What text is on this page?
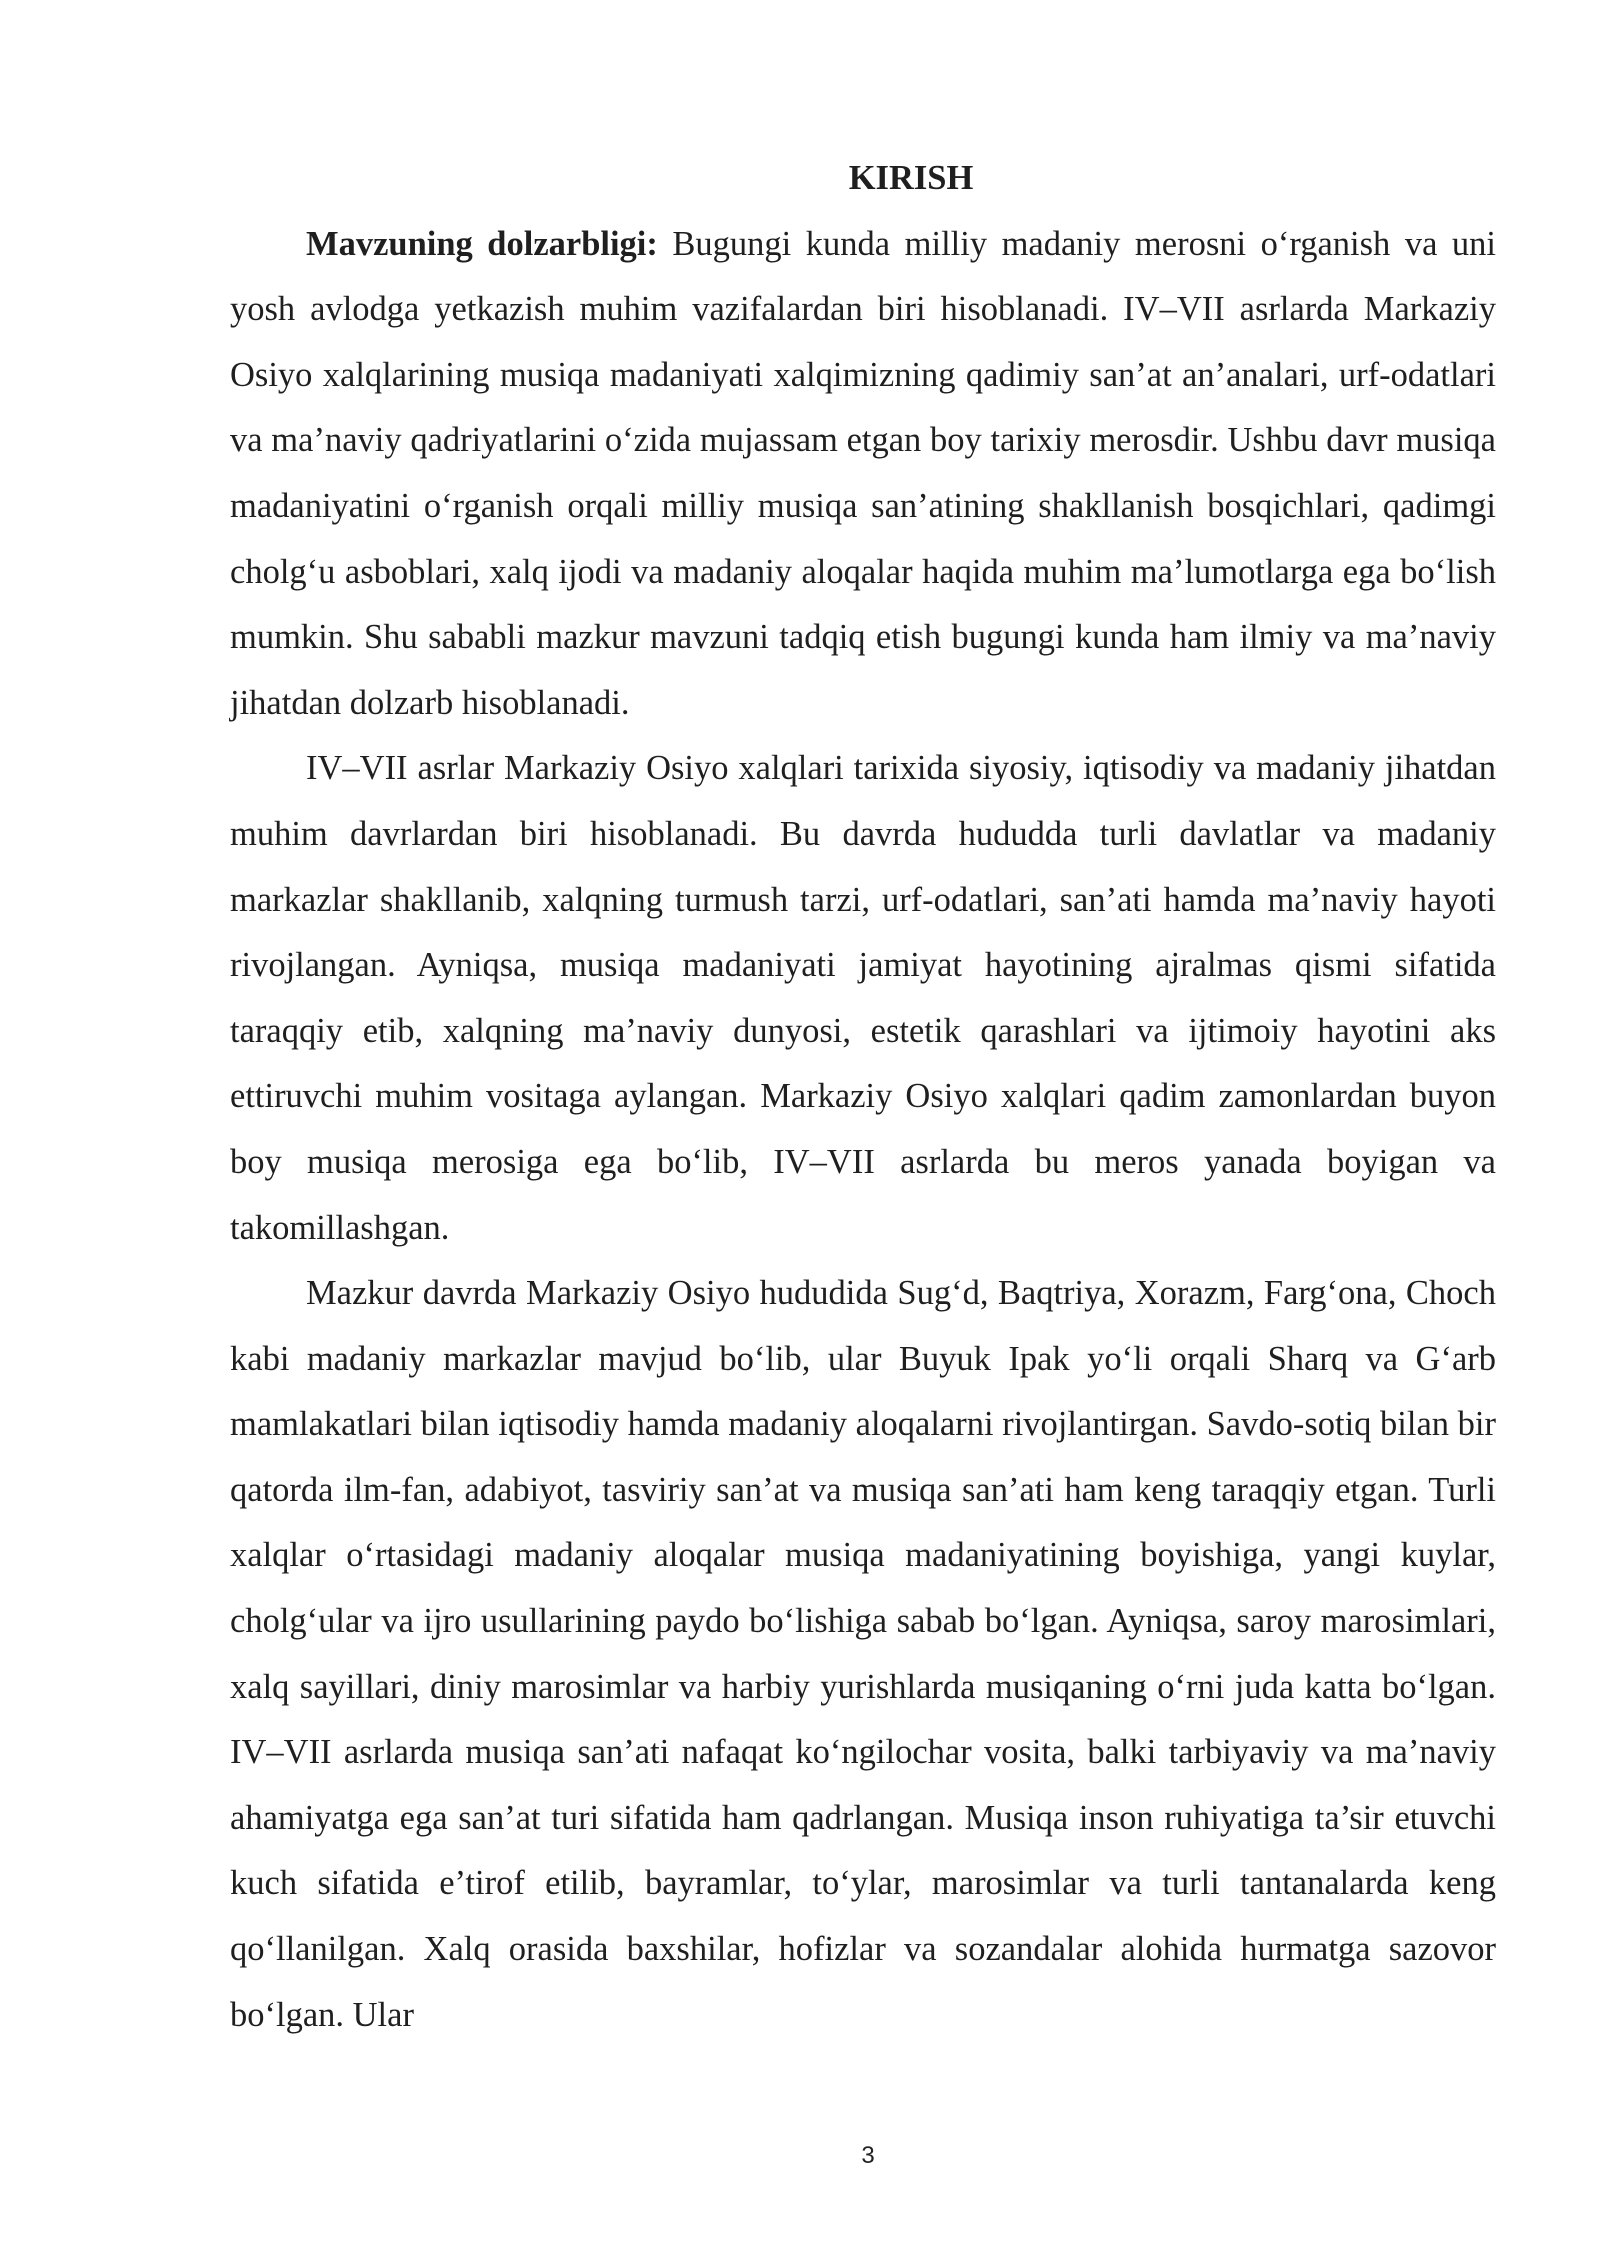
KIRISH

Mavzuning dolzarbligi: Bugungi kunda milliy madaniy merosni o‘rganish va uni yosh avlodga yetkazish muhim vazifalardan biri hisoblanadi. IV–VII asrlarda Markaziy Osiyo xalqlarining musiqa madaniyati xalqimizning qadimiy san’at an’analari, urf-odatlari va ma’naviy qadriyatlarini o‘zida mujassam etgan boy tarixiy merosdir. Ushbu davr musiqa madaniyatini o‘rganish orqali milliy musiqa san’atining shakllanish bosqichlari, qadimgi cholg‘u asboblari, xalq ijodi va madaniy aloqalar haqida muhim ma’lumotlarga ega bo‘lish mumkin. Shu sababli mazkur mavzuni tadqiq etish bugungi kunda ham ilmiy va ma’naviy jihatdan dolzarb hisoblanadi.

IV–VII asrlar Markaziy Osiyo xalqlari tarixida siyosiy, iqtisodiy va madaniy jihatdan muhim davrlardan biri hisoblanadi. Bu davrda hududda turli davlatlar va madaniy markazlar shakllanib, xalqning turmush tarzi, urf-odatlari, san’ati hamda ma’naviy hayoti rivojlangan. Ayniqsa, musiqa madaniyati jamiyat hayotining ajralmas qismi sifatida taraqqiy etib, xalqning ma’naviy dunyosi, estetik qarashlari va ijtimoiy hayotini aks ettiruvchi muhim vositaga aylangan. Markaziy Osiyo xalqlari qadim zamonlardan buyon boy musiqa merosiga ega bo‘lib, IV–VII asrlarda bu meros yanada boyigan va takomillashgan.

Mazkur davrda Markaziy Osiyo hududida Sug‘d, Baqtriya, Xorazm, Farg‘ona, Choch kabi madaniy markazlar mavjud bo‘lib, ular Buyuk Ipak yo‘li orqali Sharq va G‘arb mamlakatlari bilan iqtisodiy hamda madaniy aloqalarni rivojlantirgan. Savdo-sotiq bilan bir qatorda ilm-fan, adabiyot, tasviriy san’at va musiqa san’ati ham keng taraqqiy etgan. Turli xalqlar o‘rtasidagi madaniy aloqalar musiqa madaniyatining boyishiga, yangi kuylar, cholg‘ular va ijro usullarining paydo bo‘lishiga sabab bo‘lgan. Ayniqsa, saroy marosimlari, xalq sayillari, diniy marosimlar va harbiy yurishlarda musiqaning o‘rni juda katta bo‘lgan. IV–VII asrlarda musiqa san’ati nafaqat ko‘ngilochar vosita, balki tarbiyaviy va ma’naviy ahamiyatga ega san’at turi sifatida ham qadrlangan. Musiqa inson ruhiyatiga ta’sir etuvchi kuch sifatida e’tirof etilib, bayramlar, to‘ylar, marosimlar va turli tantanalarda keng qo‘llanilgan. Xalq orasida baxshilar, hofizlar va sozandalar alohida hurmatga sazovor bo‘lgan. Ular

3
